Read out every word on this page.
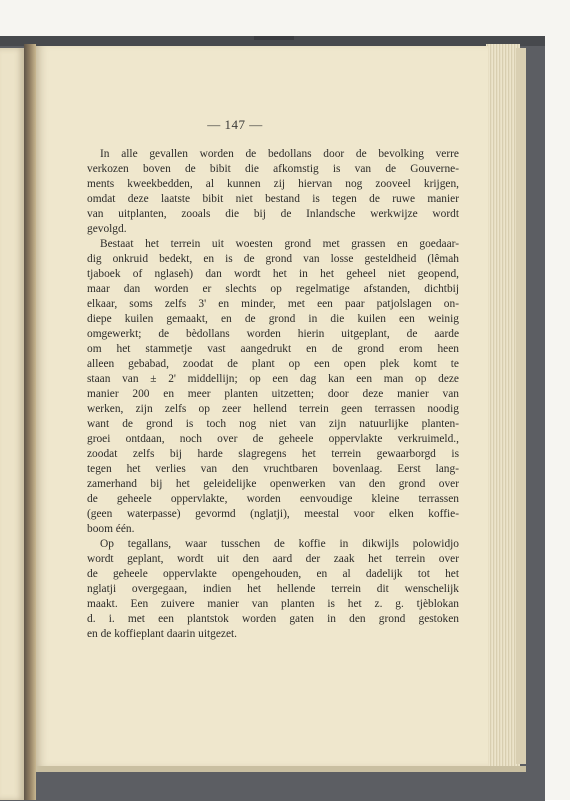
— 147 —
In alle gevallen worden de bedollans door de bevolking verre
verkozen boven de bibit die afkomstig is van de Gouverne-
ments kweekbedden, al kunnen zij hiervan nog zooveel krijgen,
omdat deze laatste bibit niet bestand is tegen de ruwe manier
van uitplanten, zooals die bij de Inlandsche werkwijze wordt
gevolgd.
Bestaat het terrein uit woesten grond met grassen en goedaar-
dig onkruid bedekt, en is de grond van losse gesteldheid (lêmah
tjaboek of nglaseh) dan wordt het in het geheel niet geopend,
maar dan worden er slechts op regelmatige afstanden, dichtbij
elkaar, soms zelfs 3' en minder, met een paar patjolslagen on-
diepe kuilen gemaakt, en de grond in die kuilen een weinig
omgewerkt; de bèdollans worden hierin uitgeplant, de aarde
om het stammetje vast aangedrukt en de grond erom heen
alleen gebabad, zoodat de plant op een open plek komt te
staan van ± 2' middellijn; op een dag kan een man op deze
manier 200 en meer planten uitzetten; door deze manier van
werken, zijn zelfs op zeer hellend terrein geen terrassen noodig
want de grond is toch nog niet van zijn natuurlijke planten-
groei ontdaan, noch over de geheele oppervlakte verkruimeld.,
zoodat zelfs bij harde slagregens het terrein gewaarborgd is
tegen het verlies van den vruchtbaren bovenlaag. Eerst lang-
zamerhand bij het geleidelijke openwerken van den grond over
de geheele oppervlakte, worden eenvoudige kleine terrassen
(geen waterpasse) gevormd (nglatji), meestal voor elken koffie-
boom één.
Op tegallans, waar tusschen de koffie in dikwijls polowidjo
wordt geplant, wordt uit den aard der zaak het terrein over
de geheele oppervlakte opengehouden, en al dadelijk tot het
nglatji overgegaan, indien het hellende terrein dit wenschelijk
maakt. Een zuivere manier van planten is het z. g. tjèblokan
d. i. met een plantstok worden gaten in den grond gestoken
en de koffieplant daarin uitgezet.
